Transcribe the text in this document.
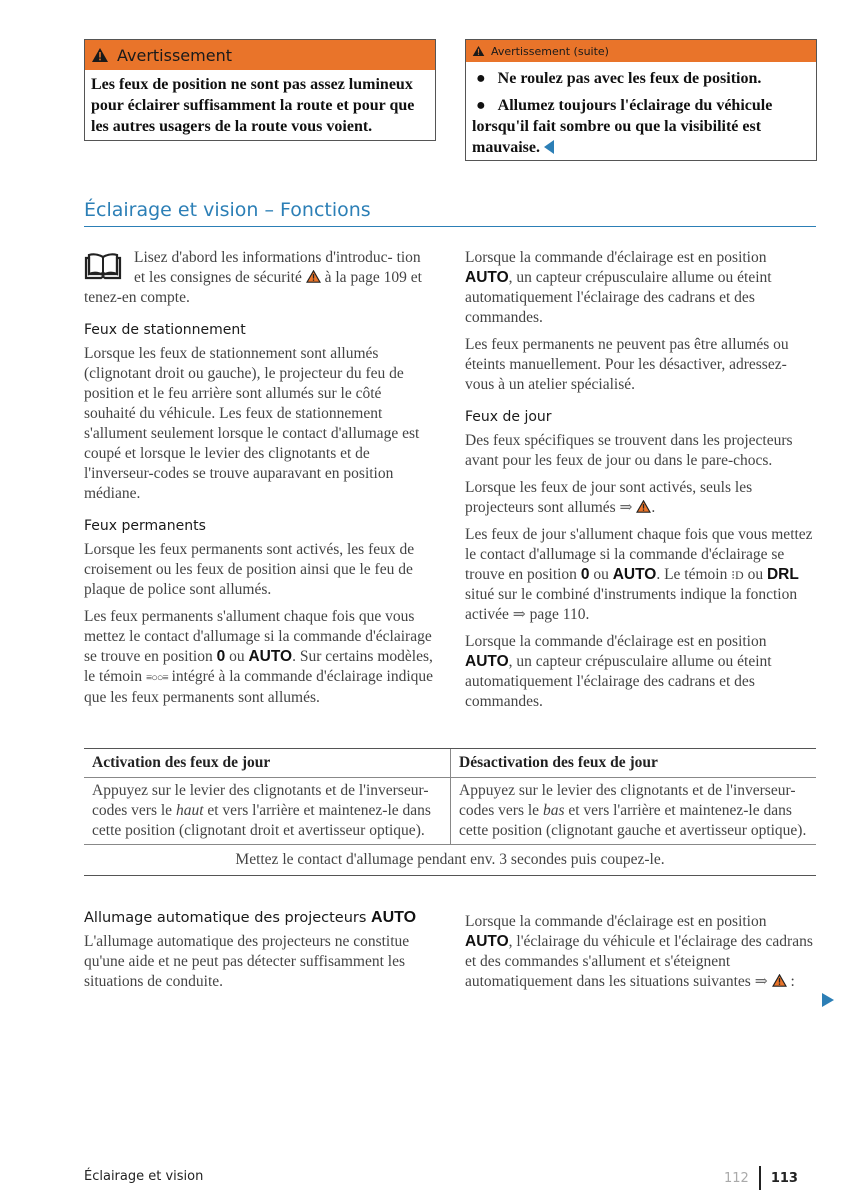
Avertissement
Les feux de position ne sont pas assez lumineux pour éclairer suffisamment la route et pour que les autres usagers de la route vous voient.
Avertissement (suite)

● Ne roulez pas avec les feux de position.

● Allumez toujours l'éclairage du véhicule lorsqu'il fait sombre ou que la visibilité est mauvaise.

Éclairage et vision – Fonctions

Lisez d'abord les informations d'introduc- tion et les consignes de sécurité à la page 109 et tenez-en compte.

Feux de stationnement

Lorsque les feux de stationnement sont allumés (clignotant droit ou gauche), le projecteur du feu de position et le feu arrière sont allumés sur le côté souhaité du véhicule. Les feux de stationnement s'allument seulement lorsque le contact d'allumage est coupé et lorsque le levier des clignotants et de l'inverseur-codes se trouve auparavant en position médiane.

Feux permanents

Lorsque les feux permanents sont activés, les feux de croisement ou les feux de position ainsi que le feu de plaque de police sont allumés.

Les feux permanents s'allument chaque fois que vous mettez le contact d'allumage si la commande d'éclairage se trouve en position 0 ou AUTO. Sur certains modèles, le témoin ≡○○≡ intégré à la commande d'éclairage indique que les feux permanents sont allumés.

Lorsque la commande d'éclairage est en position AUTO, un capteur crépusculaire allume ou éteint automatiquement l'éclairage des cadrans et des commandes.

Les feux permanents ne peuvent pas être allumés ou éteints manuellement. Pour les désactiver, adressez-vous à un atelier spécialisé.

Feux de jour

Des feux spécifiques se trouvent dans les projecteurs avant pour les feux de jour ou dans le pare-chocs.

Lorsque les feux de jour sont activés, seuls les projecteurs sont allumés ⇒ .

Les feux de jour s'allument chaque fois que vous mettez le contact d'allumage si la commande d'éclairage se trouve en position 0 ou AUTO. Le témoin ⁝D ou DRL situé sur le combiné d'instruments indique la fonction activée ⇒ page 110.

Lorsque la commande d'éclairage est en position AUTO, un capteur crépusculaire allume ou éteint automatiquement l'éclairage des cadrans et des commandes.

Activation des feux de jour	Désactivation des feux de jour
Appuyez sur le levier des clignotants et de l'inverseur-codes vers le haut et vers l'arrière et maintenez-le dans cette position (clignotant droit et avertisseur optique).
Appuyez sur le levier des clignotants et de l'inverseur-codes vers le bas et vers l'arrière et maintenez-le dans cette position (clignotant gauche et avertisseur optique).
Mettez le contact d'allumage pendant env. 3 secondes puis coupez-le.
Allumage automatique des projecteurs AUTO

L'allumage automatique des projecteurs ne constitue qu'une aide et ne peut pas détecter suffisamment les situations de conduite.

Lorsque la commande d'éclairage est en position AUTO, l'éclairage du véhicule et l'éclairage des cadrans et des commandes s'allument et s'éteignent automatiquement dans les situations suivantes ⇒ :

Éclairage et vision	112 113
